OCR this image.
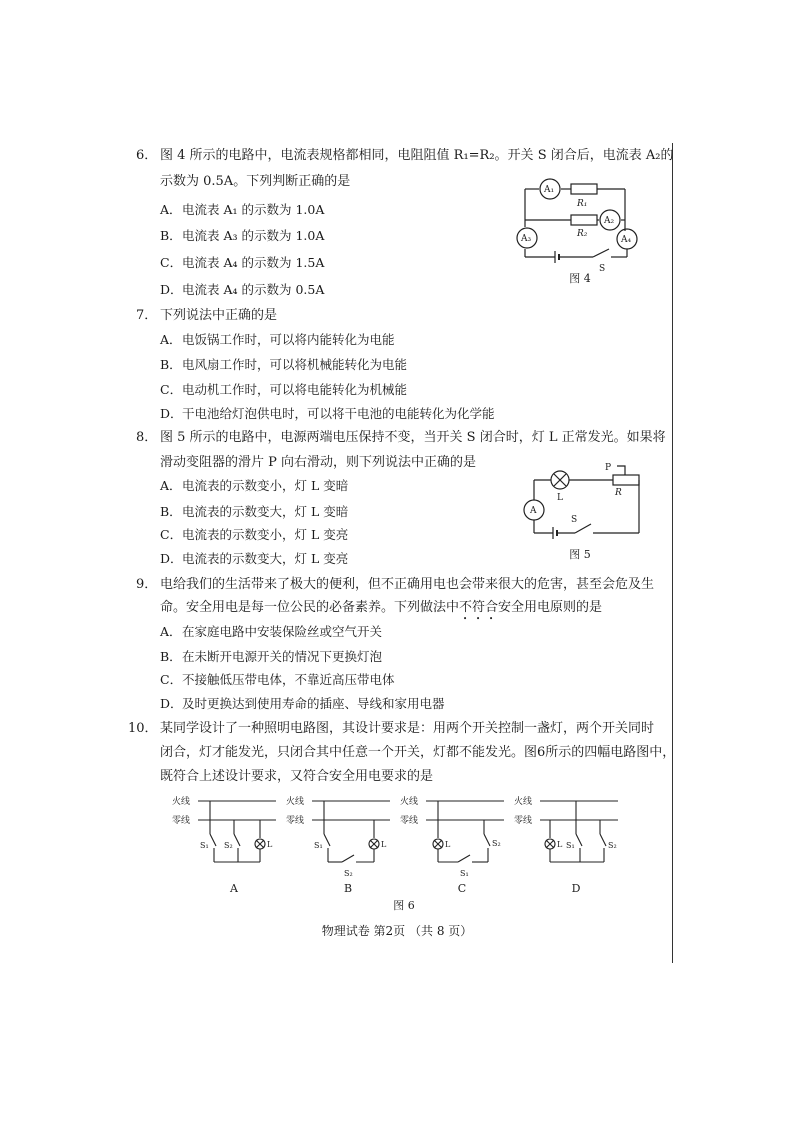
6． 图 4 所示的电路中，电流表规格都相同，电阻阻值 R₁=R₂。开关 S 闭合后，电流表 A₂的
示数为 0.5A。下列判断正确的是
A．电流表 A₁ 的示数为 1.0A
B．电流表 A₃ 的示数为 1.0A
C．电流表 A₄ 的示数为 1.5A
D．电流表 A₄ 的示数为 0.5A
A₁
A₂
A₃	A₄
R₁
R₂
S
图 4
7． 下列说法中正确的是
A．电饭锅工作时，可以将内能转化为电能
B．电风扇工作时，可以将机械能转化为电能
C．电动机工作时，可以将电能转化为机械能
D．干电池给灯泡供电时，可以将干电池的电能转化为化学能
8． 图 5 所示的电路中，电源两端电压保持不变，当开关 S 闭合时，灯 L 正常发光。如果将
滑动变阻器的滑片 P 向右滑动，则下列说法中正确的是
A．电流表的示数变小，灯 L 变暗
B．电流表的示数变大，灯 L 变暗
C．电流表的示数变小，灯 L 变亮
D．电流表的示数变大，灯 L 变亮
L
P
R
A
S
图 5
9． 电给我们的生活带来了极大的便利，但不正确用电也会带来很大的危害，甚至会危及生
命。安全用电是每一位公民的必备素养。下列做法中不符合安全用电原则的是
A．在家庭电路中安装保险丝或空气开关
B．在未断开电源开关的情况下更换灯泡
C．不接触低压带电体，不靠近高压带电体
D．及时更换达到使用寿命的插座、导线和家用电器
10． 某同学设计了一种照明电路图，其设计要求是：用两个开关控制一盏灯，两个开关同时
闭合，灯才能发光，只闭合其中任意一个开关，灯都不能发光。图6所示的四幅电路图中，
既符合上述设计要求，又符合安全用电要求的是
火线
零线
火线
零线
火线
零线
火线
零线
S₁ S₂	L	S₁
S₂
L	L
S₁
S₂	L S₁	S₂
A	B	C	D
图 6
物理试卷 第2页 （共 8 页）
